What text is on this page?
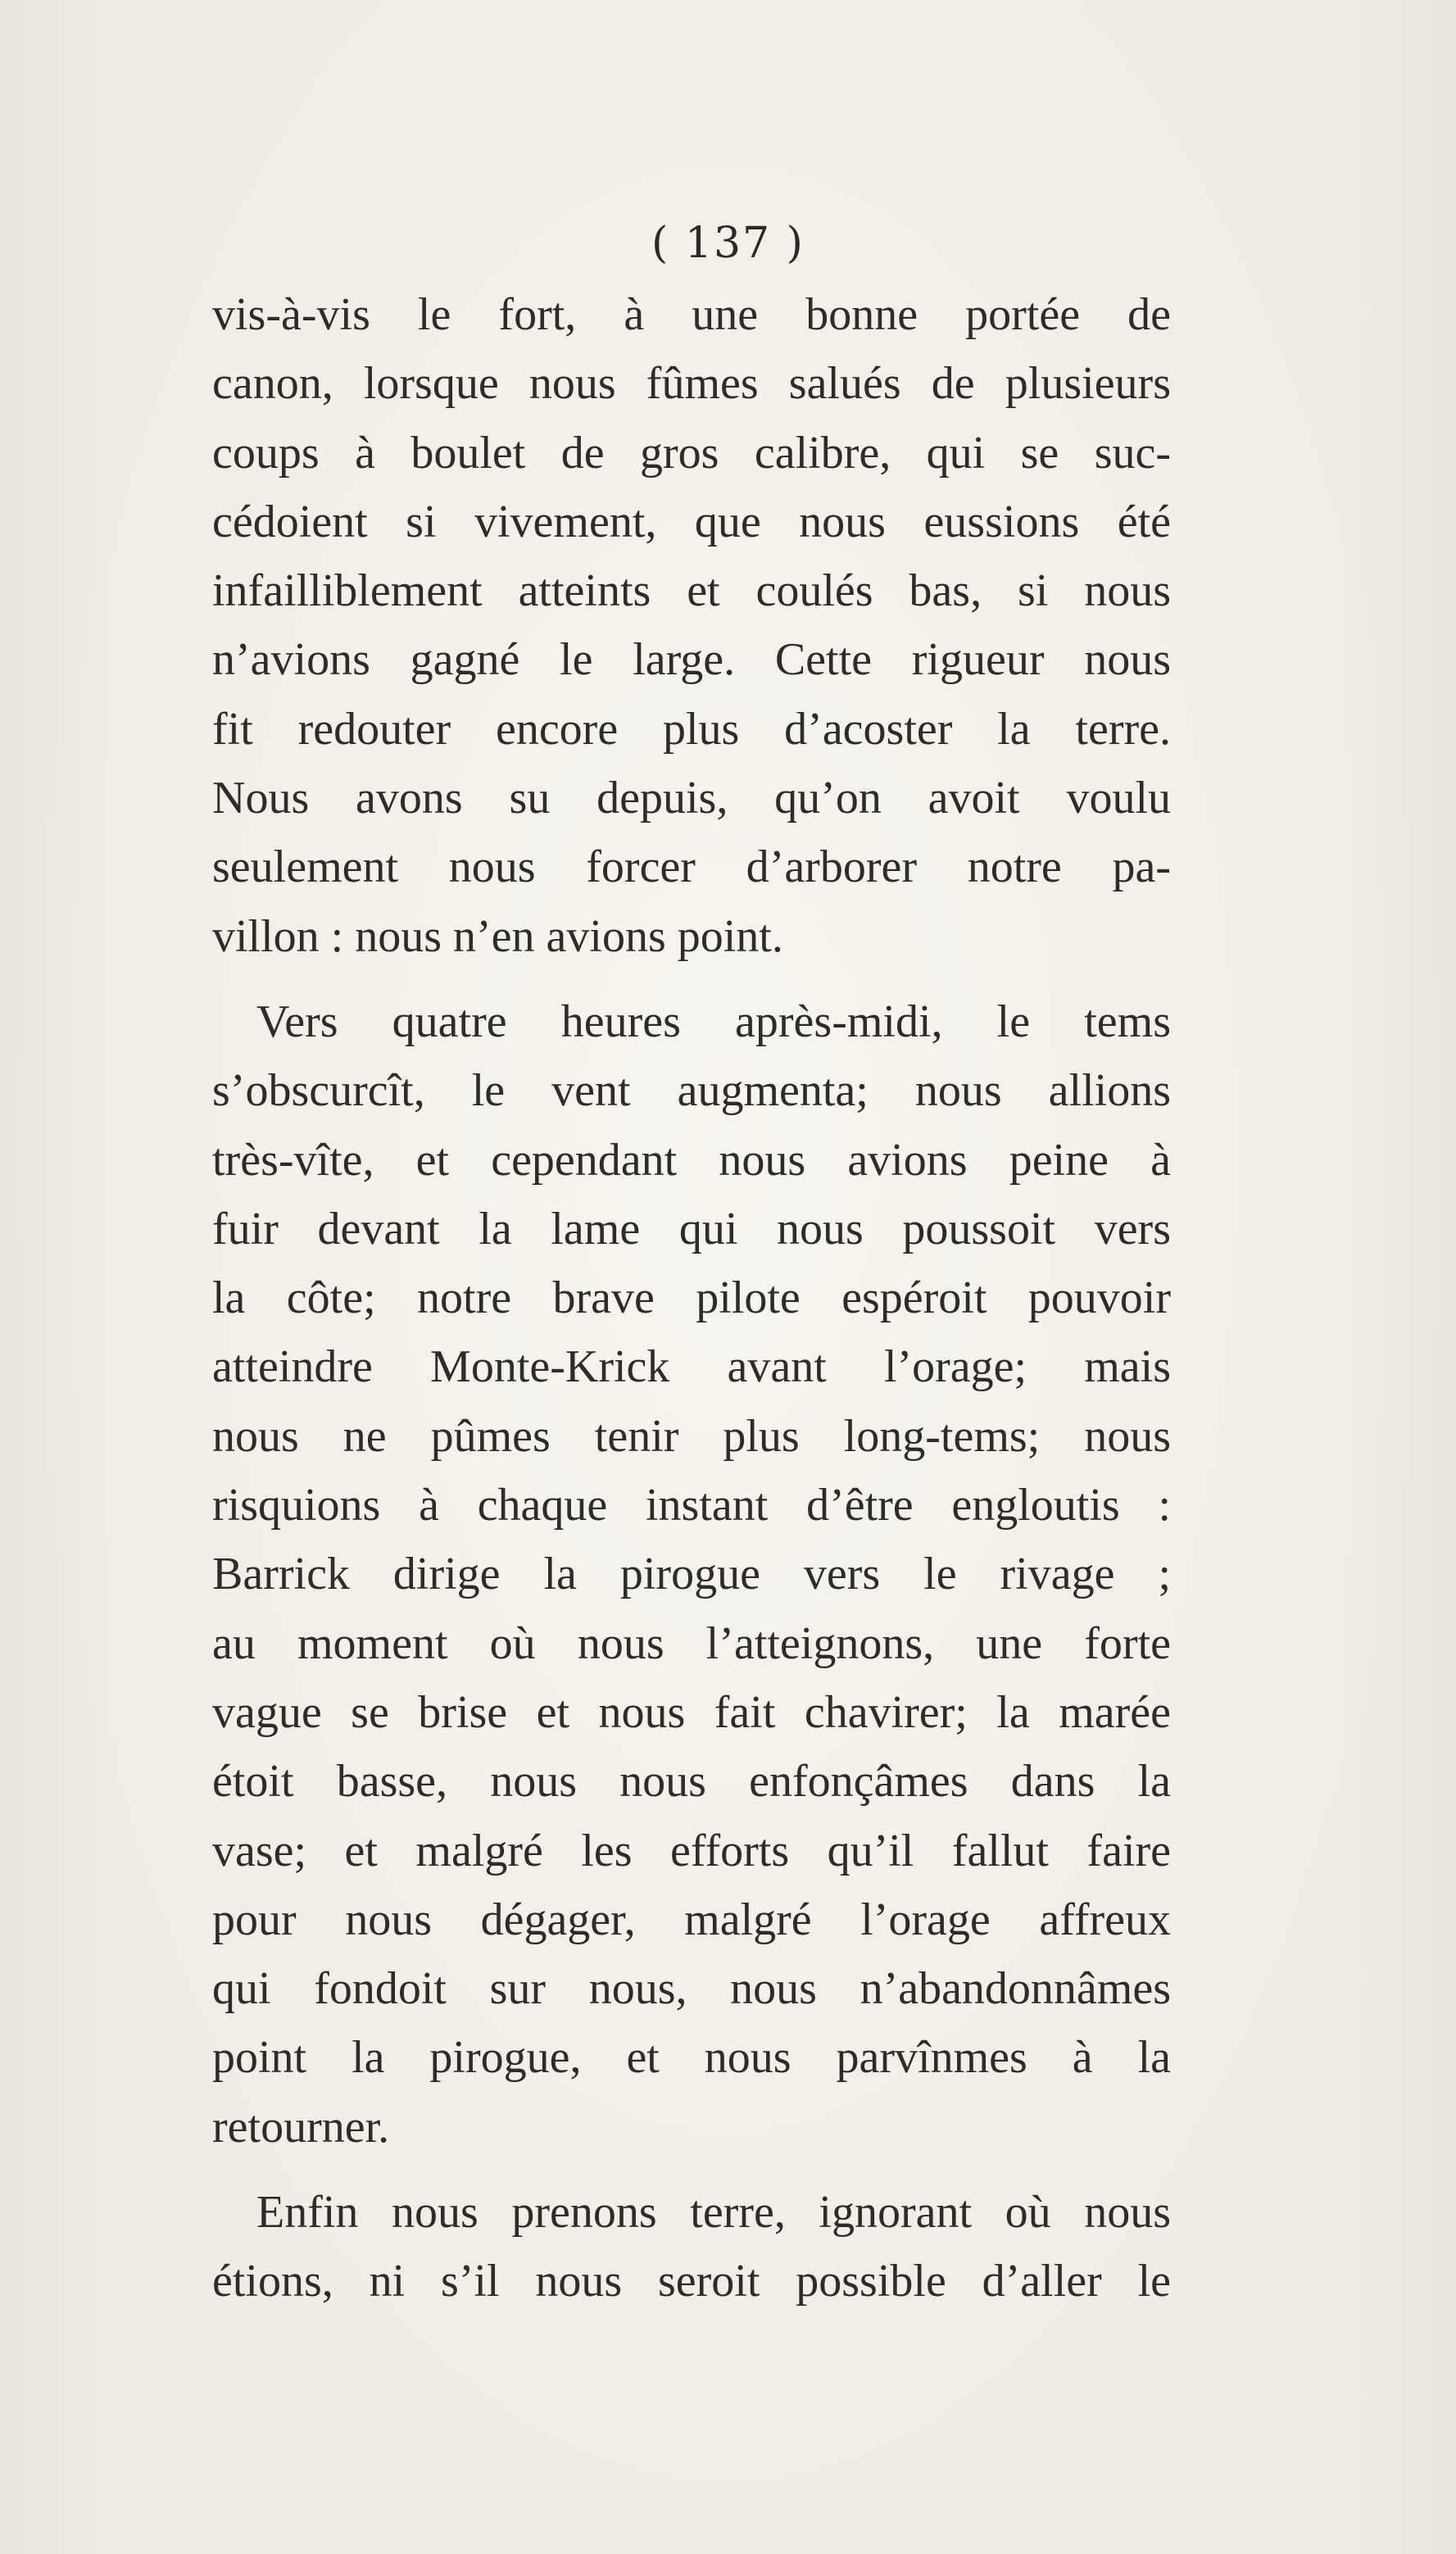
( 137 )
vis-à-vis le fort, à une bonne portée de
canon, lorsque nous fûmes salués de plusieurs
coups à boulet de gros calibre, qui se suc-
cédoient si vivement, que nous eussions été
infailliblement atteints et coulés bas, si nous
n’avions gagné le large. Cette rigueur nous
fit redouter encore plus d’acoster la terre.
Nous avons su depuis, qu’on avoit voulu
seulement nous forcer d’arborer notre pa-
villon : nous n’en avions point.
Vers quatre heures après-midi, le tems
s’obscurcît, le vent augmenta; nous allions
très-vîte, et cependant nous avions peine à
fuir devant la lame qui nous poussoit vers
la côte; notre brave pilote espéroit pouvoir
atteindre Monte-Krick avant l’orage; mais
nous ne pûmes tenir plus long-tems; nous
risquions à chaque instant d’être engloutis :
Barrick dirige la pirogue vers le rivage ;
au moment où nous l’atteignons, une forte
vague se brise et nous fait chavirer; la marée
étoit basse, nous nous enfonçâmes dans la
vase; et malgré les efforts qu’il fallut faire
pour nous dégager, malgré l’orage affreux
qui fondoit sur nous, nous n’abandonnâmes
point la pirogue, et nous parvînmes à la
retourner.
Enfin nous prenons terre, ignorant où nous
étions, ni s’il nous seroit possible d’aller le
